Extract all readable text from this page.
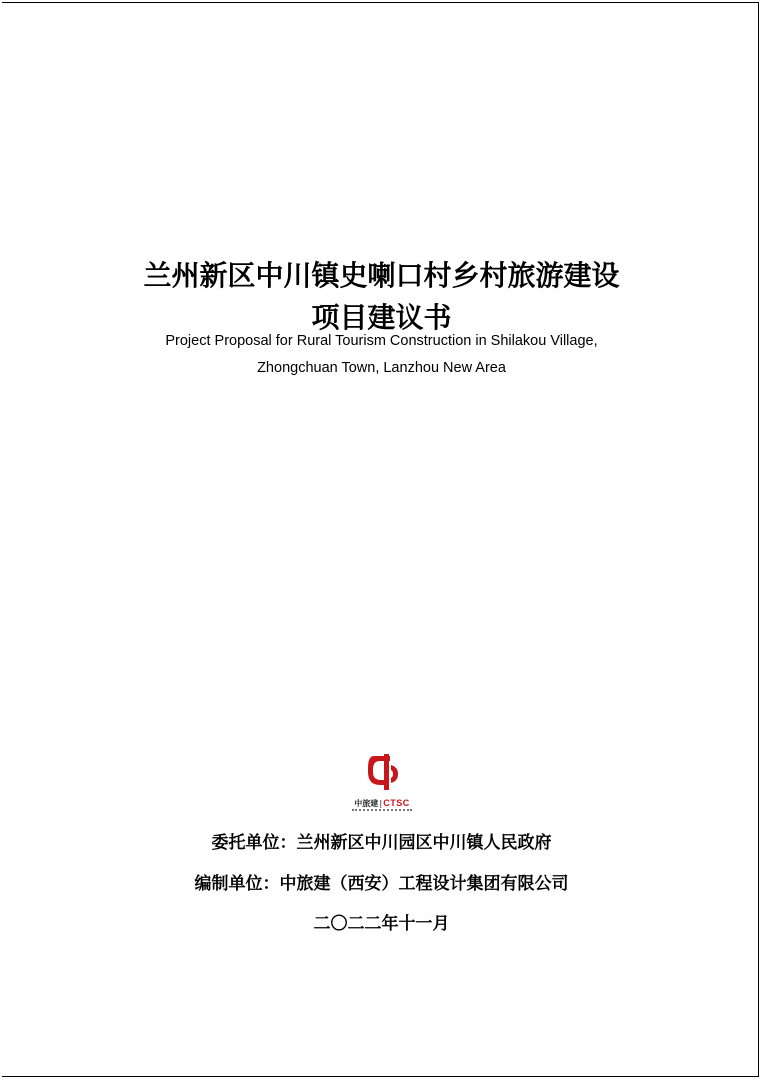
兰州新区中川镇史喇口村乡村旅游建设
项目建议书
Project Proposal for Rural Tourism Construction in Shilakou Village,
Zhongchuan Town, Lanzhou New Area
中旅建 | CTSC
委托单位：兰州新区中川园区中川镇人民政府
编制单位：中旅建（西安）工程设计集团有限公司
二〇二二年十一月
